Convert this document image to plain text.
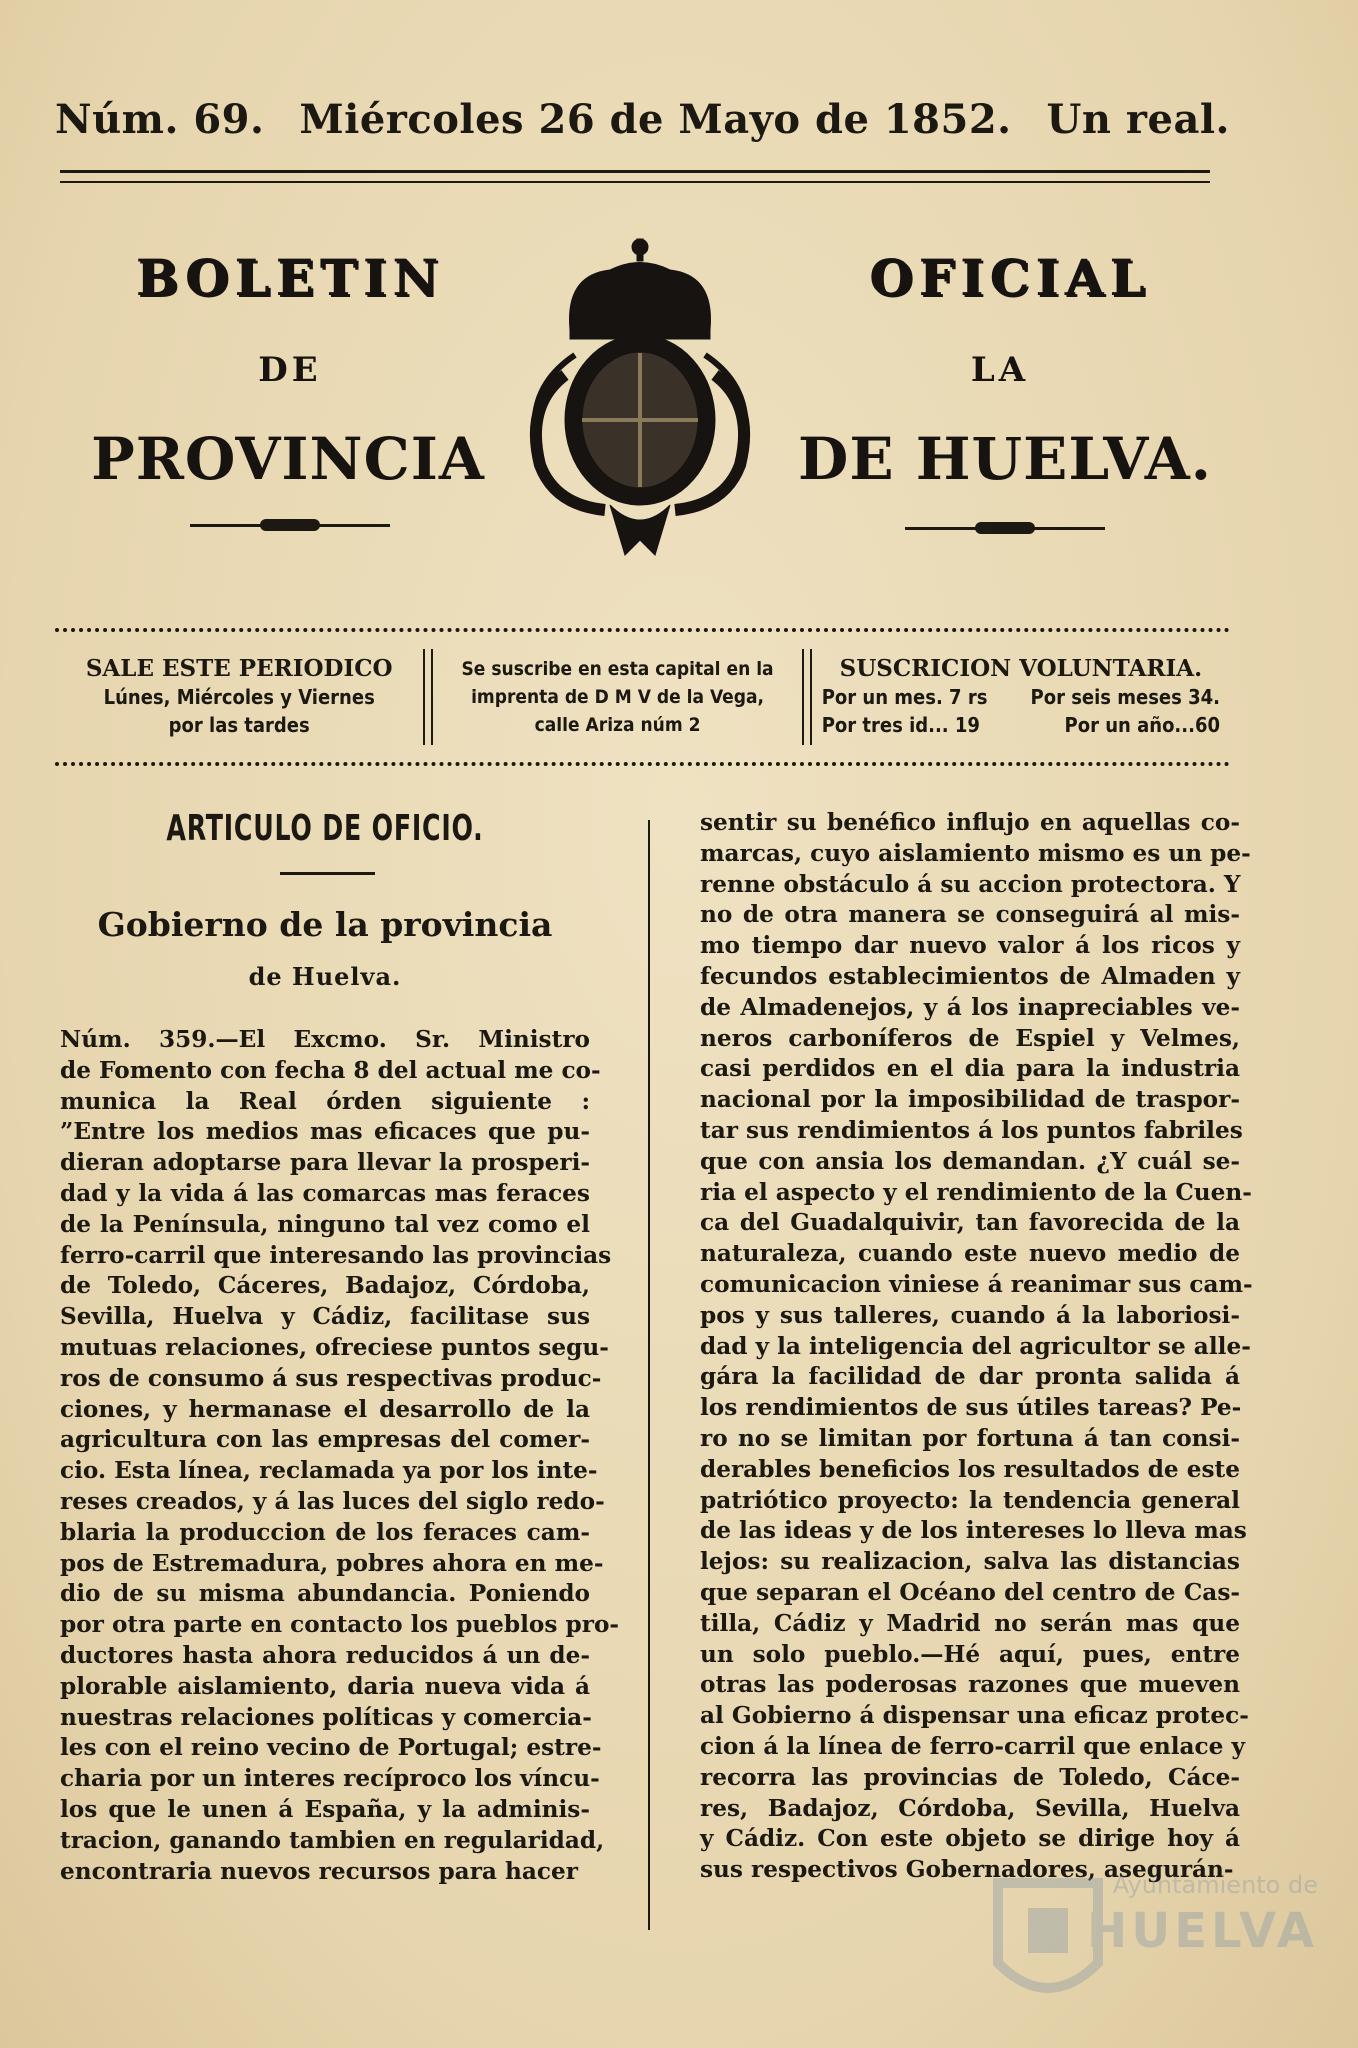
Núm. 69. Miércoles 26 de Mayo de 1852. Un real.
BOLETIN	OFICIAL
DE	LA
PROVINCIA	DE HUELVA.
SALE ESTE PERIODICO
Lúnes, Miércoles y Viernes
por las tardes
Se suscribe en esta capital en la
imprenta de D M V de la Vega,
calle Ariza núm 2
SUSCRICION VOLUNTARIA.
Por un mes. 7 rs Por seis meses 34.
Por tres id... 19	Por un año...60
ARTICULO DE OFICIO.
Gobierno de la provincia
de Huelva.
Núm. 359.—El Excmo. Sr. Ministro
de Fomento con fecha 8 del actual me co-
munica la Real órden siguiente :
”Entre los medios mas eficaces que pu-
dieran adoptarse para llevar la prosperi-
dad y la vida á las comarcas mas feraces
de la Península, ninguno tal vez como el
ferro-carril que interesando las provincias
de Toledo, Cáceres, Badajoz, Córdoba,
Sevilla, Huelva y Cádiz, facilitase sus
mutuas relaciones, ofreciese puntos segu-
ros de consumo á sus respectivas produc-
ciones, y hermanase el desarrollo de la
agricultura con las empresas del comer-
cio. Esta línea, reclamada ya por los inte-
reses creados, y á las luces del siglo redo-
blaria la produccion de los feraces cam-
pos de Estremadura, pobres ahora en me-
dio de su misma abundancia. Poniendo
por otra parte en contacto los pueblos pro-
ductores hasta ahora reducidos á un de-
plorable aislamiento, daria nueva vida á
nuestras relaciones políticas y comercia-
les con el reino vecino de Portugal; estre-
charia por un interes recíproco los víncu-
los que le unen á España, y la adminis-
tracion, ganando tambien en regularidad,
encontraria nuevos recursos para hacer
sentir su benéfico influjo en aquellas co-
marcas, cuyo aislamiento mismo es un pe-
renne obstáculo á su accion protectora. Y
no de otra manera se conseguirá al mis-
mo tiempo dar nuevo valor á los ricos y
fecundos establecimientos de Almaden y
de Almadenejos, y á los inapreciables ve-
neros carboníferos de Espiel y Velmes,
casi perdidos en el dia para la industria
nacional por la imposibilidad de traspor-
tar sus rendimientos á los puntos fabriles
que con ansia los demandan. ¿Y cuál se-
ria el aspecto y el rendimiento de la Cuen-
ca del Guadalquivir, tan favorecida de la
naturaleza, cuando este nuevo medio de
comunicacion viniese á reanimar sus cam-
pos y sus talleres, cuando á la laboriosi-
dad y la inteligencia del agricultor se alle-
gára la facilidad de dar pronta salida á
los rendimientos de sus útiles tareas? Pe-
ro no se limitan por fortuna á tan consi-
derables beneficios los resultados de este
patriótico proyecto: la tendencia general
de las ideas y de los intereses lo lleva mas
lejos: su realizacion, salva las distancias
que separan el Océano del centro de Cas-
tilla, Cádiz y Madrid no serán mas que
un solo pueblo.—Hé aquí, pues, entre
otras las poderosas razones que mueven
al Gobierno á dispensar una eficaz protec-
cion á la línea de ferro-carril que enlace y
recorra las provincias de Toledo, Cáce-
res, Badajoz, Córdoba, Sevilla, Huelva
y Cádiz. Con este objeto se dirige hoy á
sus respectivos Gobernadores, asegurán-
Ayuntamiento de
HUELVA
